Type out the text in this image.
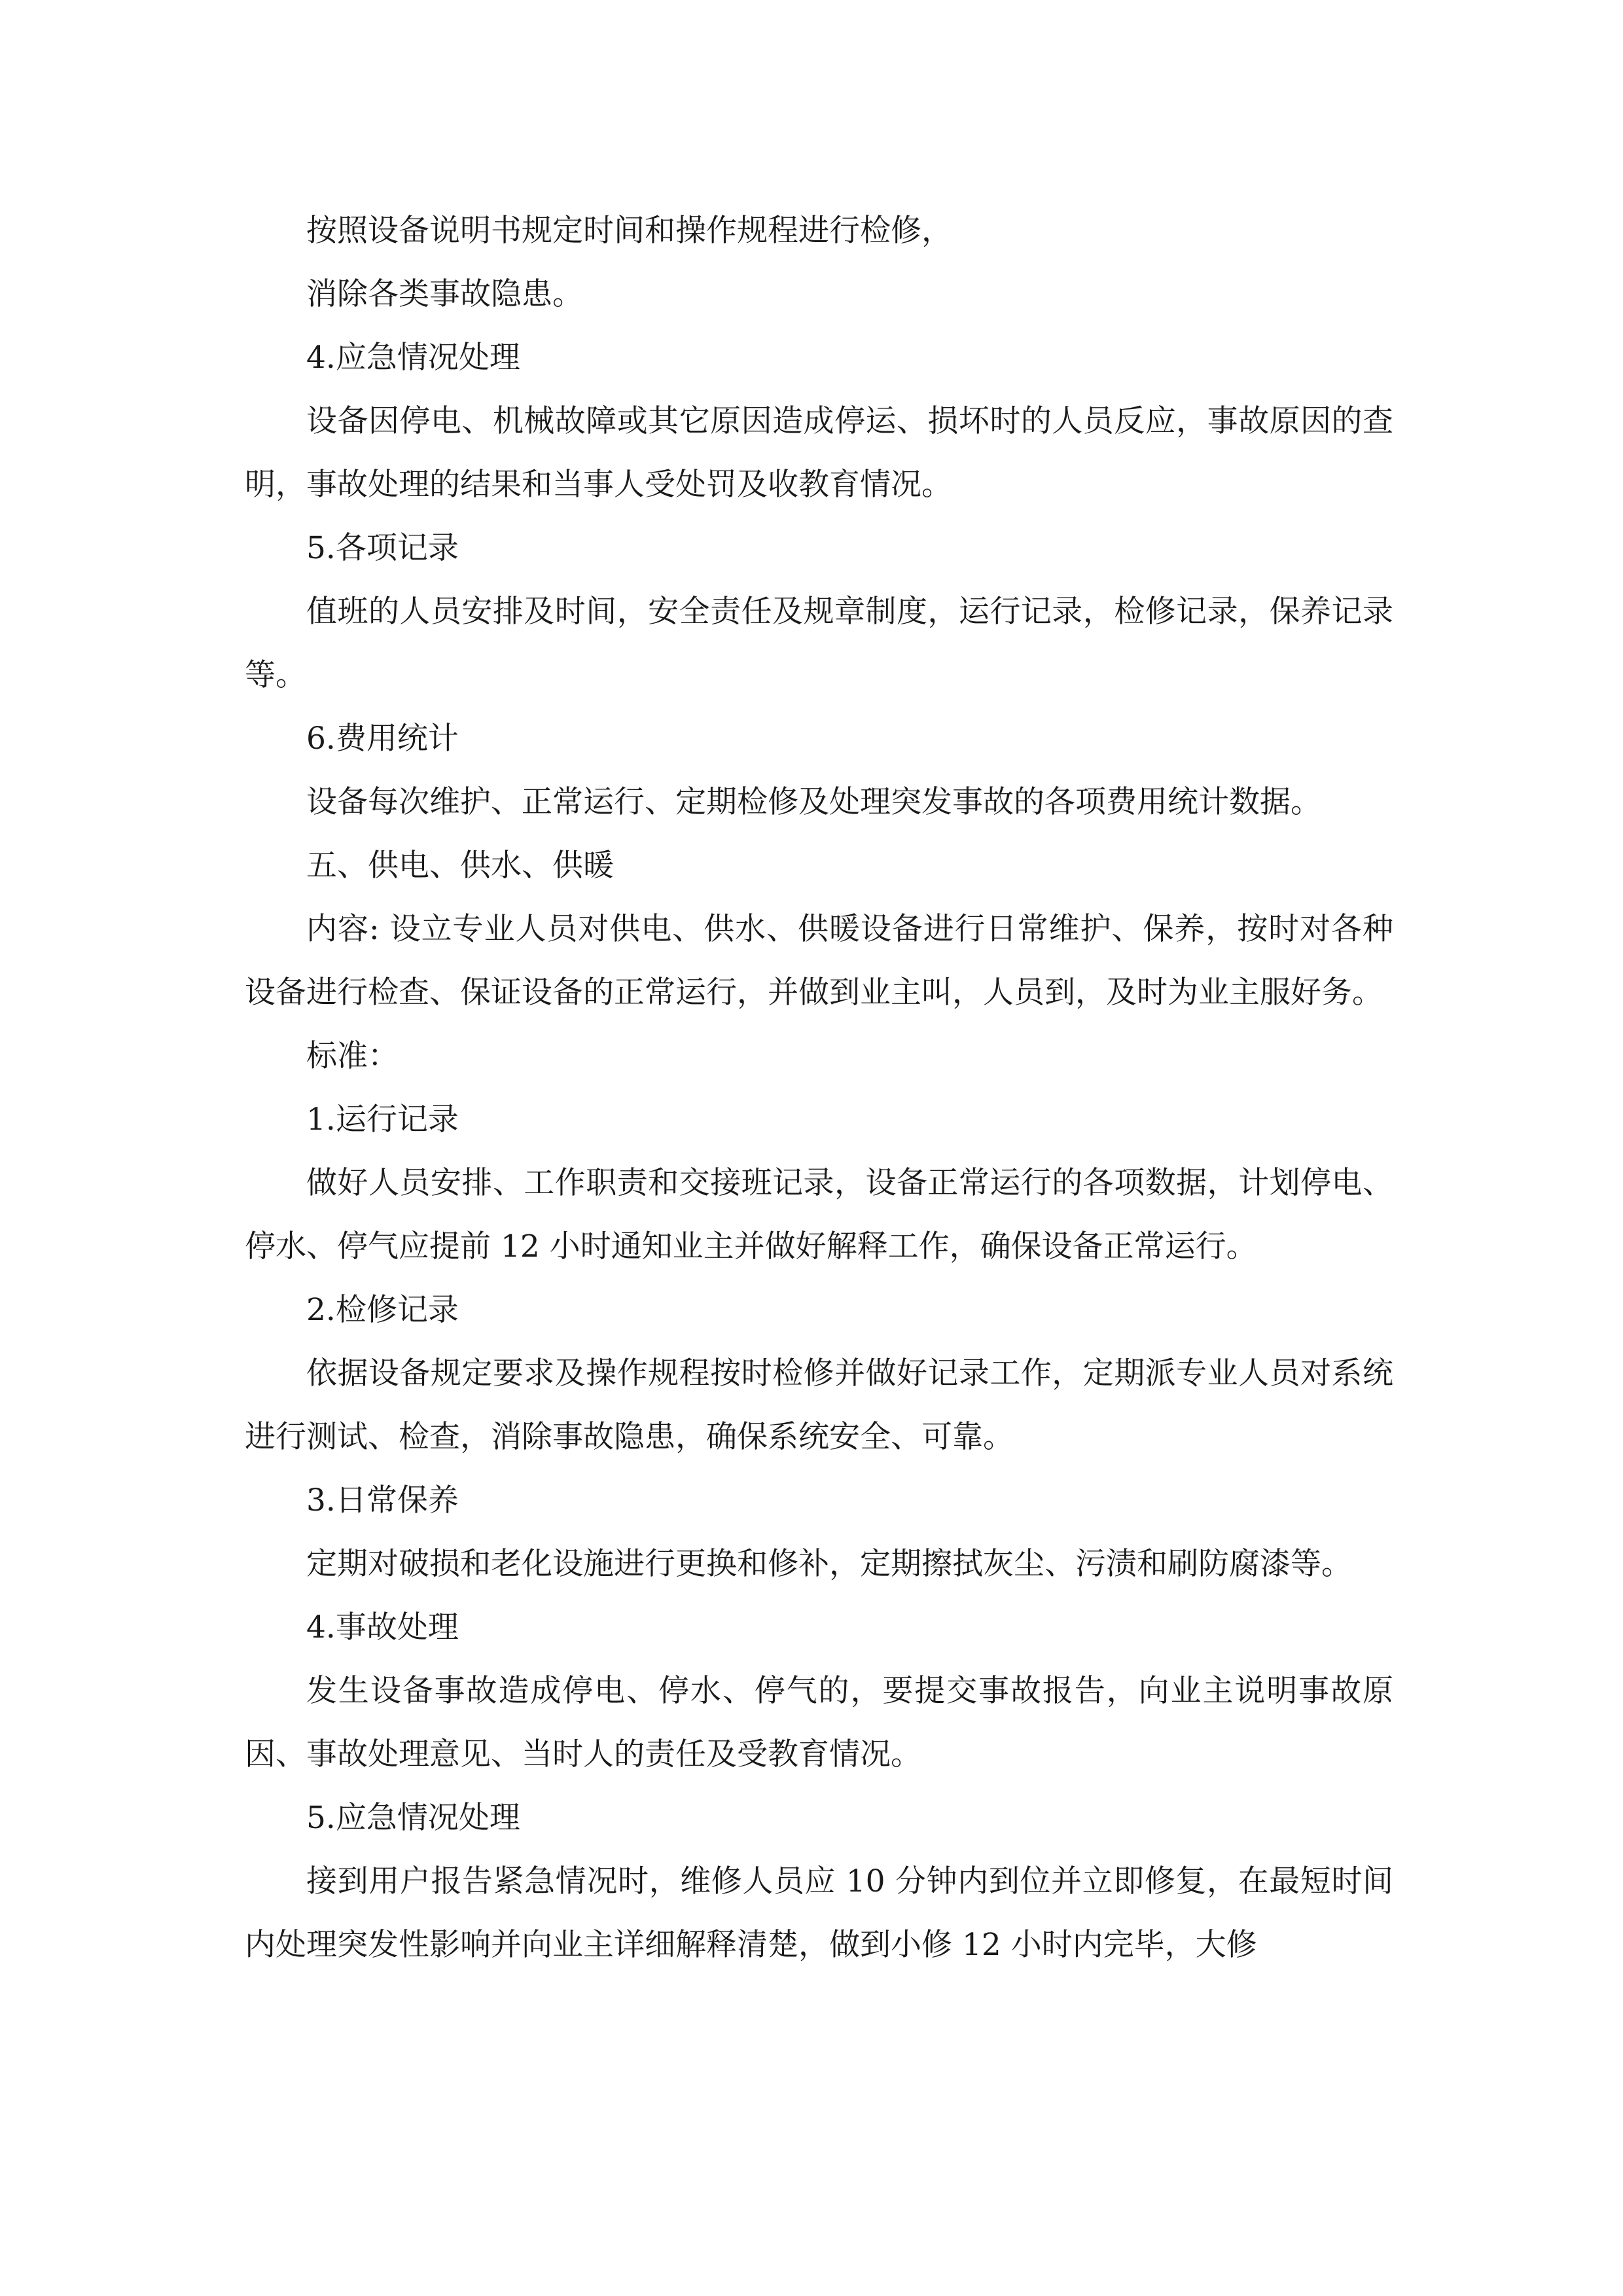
按照设备说明书规定时间和操作规程进行检修，

消除各类事故隐患。

4.应急情况处理

设备因停电、机械故障或其它原因造成停运、损坏时的人员反应，事故原因的查明，事故处理的结果和当事人受处罚及收教育情况。

5.各项记录

值班的人员安排及时间，安全责任及规章制度，运行记录，检修记录，保养记录等。

6.费用统计

设备每次维护、正常运行、定期检修及处理突发事故的各项费用统计数据。

五、供电、供水、供暖

内容: 设立专业人员对供电、供水、供暖设备进行日常维护、保养，按时对各种设备进行检查、保证设备的正常运行，并做到业主叫，人员到，及时为业主服好务。

标准：

1.运行记录

做好人员安排、工作职责和交接班记录，设备正常运行的各项数据，计划停电、停水、停气应提前 12 小时通知业主并做好解释工作，确保设备正常运行。

2.检修记录

依据设备规定要求及操作规程按时检修并做好记录工作，定期派专业人员对系统进行测试、检查，消除事故隐患，确保系统安全、可靠。

3.日常保养

定期对破损和老化设施进行更换和修补，定期擦拭灰尘、污渍和刷防腐漆等。

4.事故处理

发生设备事故造成停电、停水、停气的，要提交事故报告，向业主说明事故原因、事故处理意见、当时人的责任及受教育情况。

5.应急情况处理

接到用户报告紧急情况时，维修人员应 10 分钟内到位并立即修复，在最短时间内处理突发性影响并向业主详细解释清楚，做到小修 12 小时内完毕，大修
